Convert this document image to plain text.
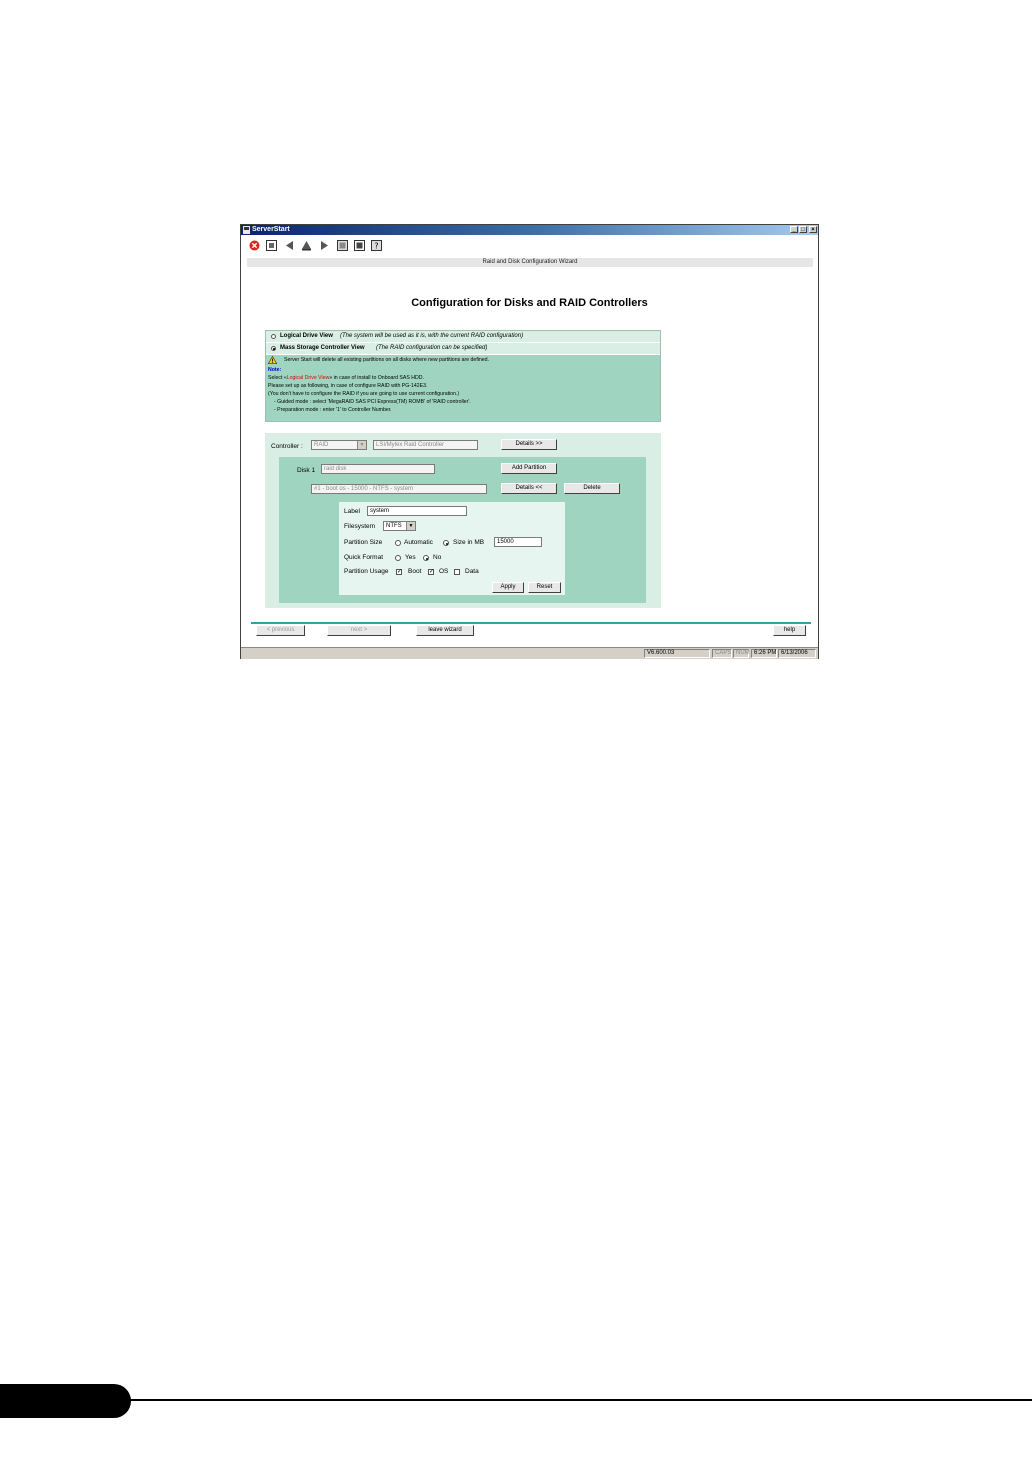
ServerStart	_ □	×
?
Raid and Disk Configuration Wizard
Configuration for Disks and RAID Controllers
Logical Drive View (The system will be used as it is, with the current RAID configuration)
Mass Storage Controller View (The RAID configuration can be specified)
Server Start will delete all existing partitions on all disks where new partitions are defined.
Note:
Select «Logical Drive View» in case of install to Onboard SAS HDD.
Please set up as following, in case of configure RAID with PG-142E3.
(You don't have to configure the RAID if you are going to use current configuration.)
- Guided mode : select 'MegaRAID SAS PCI Express(TM) ROMB' of 'RAID controller'.
- Preparation mode : enter '1' to Controller Number.
Controller :	RAID	▼	LSI/Mylex Raid Controller	Details >>
Disk 1	raid disk	Add Partition
#1 - boot os - 15000 - NTFS - system	Details <<	Delete
Label	system
Filesystem	NTFS	▼
Partition Size	Automatic	Size in MB	15000
Quick Format	Yes	No
Partition Usage ✓ Boot ✓ OS	Data
Apply	Reset
< previous	next >	leave wizard	help
V6.600.03	CAPS NUM 6:26 PM 6/13/2006
